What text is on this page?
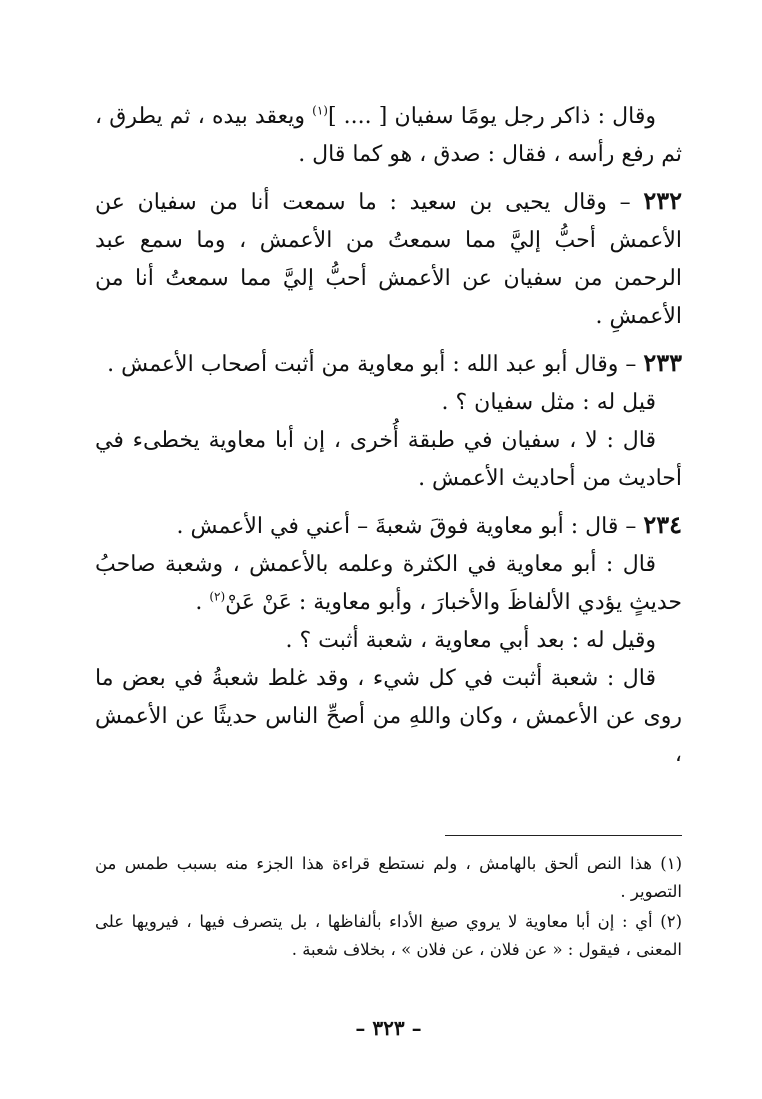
وقال : ذاكر رجل يومًا سفيان [ .... ]$^{(١)}$ ويعقد بيده ، ثم يطرق ، ثم رفع رأسه ، فقال : صدق ، هو كما قال .

٢٣٢ – وقال يحيى بن سعيد : ما سمعت أنا من سفيان عن الأعمش أحبُّ إليَّ مما سمعتُ من الأعمش ، وما سمع عبد الرحمن من سفيان عن الأعمش أحبُّ إليَّ مما سمعتُ أنا من الأعمشِ .

٢٣٣ – وقال أبو عبد الله : أبو معاوية من أثبت أصحاب الأعمش .

قيل له : مثل سفيان ؟ .

قال : لا ، سفيان في طبقة أُخرى ، إن أبا معاوية يخطىء في أحاديث من أحاديث الأعمش .

٢٣٤ – قال : أبو معاوية فوقَ شعبةَ – أعني في الأعمش .

قال : أبو معاوية في الكثرة وعلمه بالأعمش ، وشعبة صاحبُ حديثٍ يؤدي الألفاظَ والأخبارَ ، وأبو معاوية : عَنْ عَنْ$^{(٢)}$ .

وقيل له : بعد أبي معاوية ، شعبة أثبت ؟ .

قال : شعبة أثبت في كل شيء ، وقد غلط شعبةُ في بعض ما روى عن الأعمش ، وكان واللهِ من أصحِّ الناس حديثًا عن الأعمش ،

(١) هذا النص ألحق بالهامش ، ولم نستطع قراءة هذا الجزء منه بسبب طمس من التصوير .

(٢) أي : إن أبا معاوية لا يروي صيغ الأداء بألفاظها ، بل يتصرف فيها ، فيرويها على المعنى ، فيقول : « عن فلان ، عن فلان » ، بخلاف شعبة .

– ٣٢٣ –
